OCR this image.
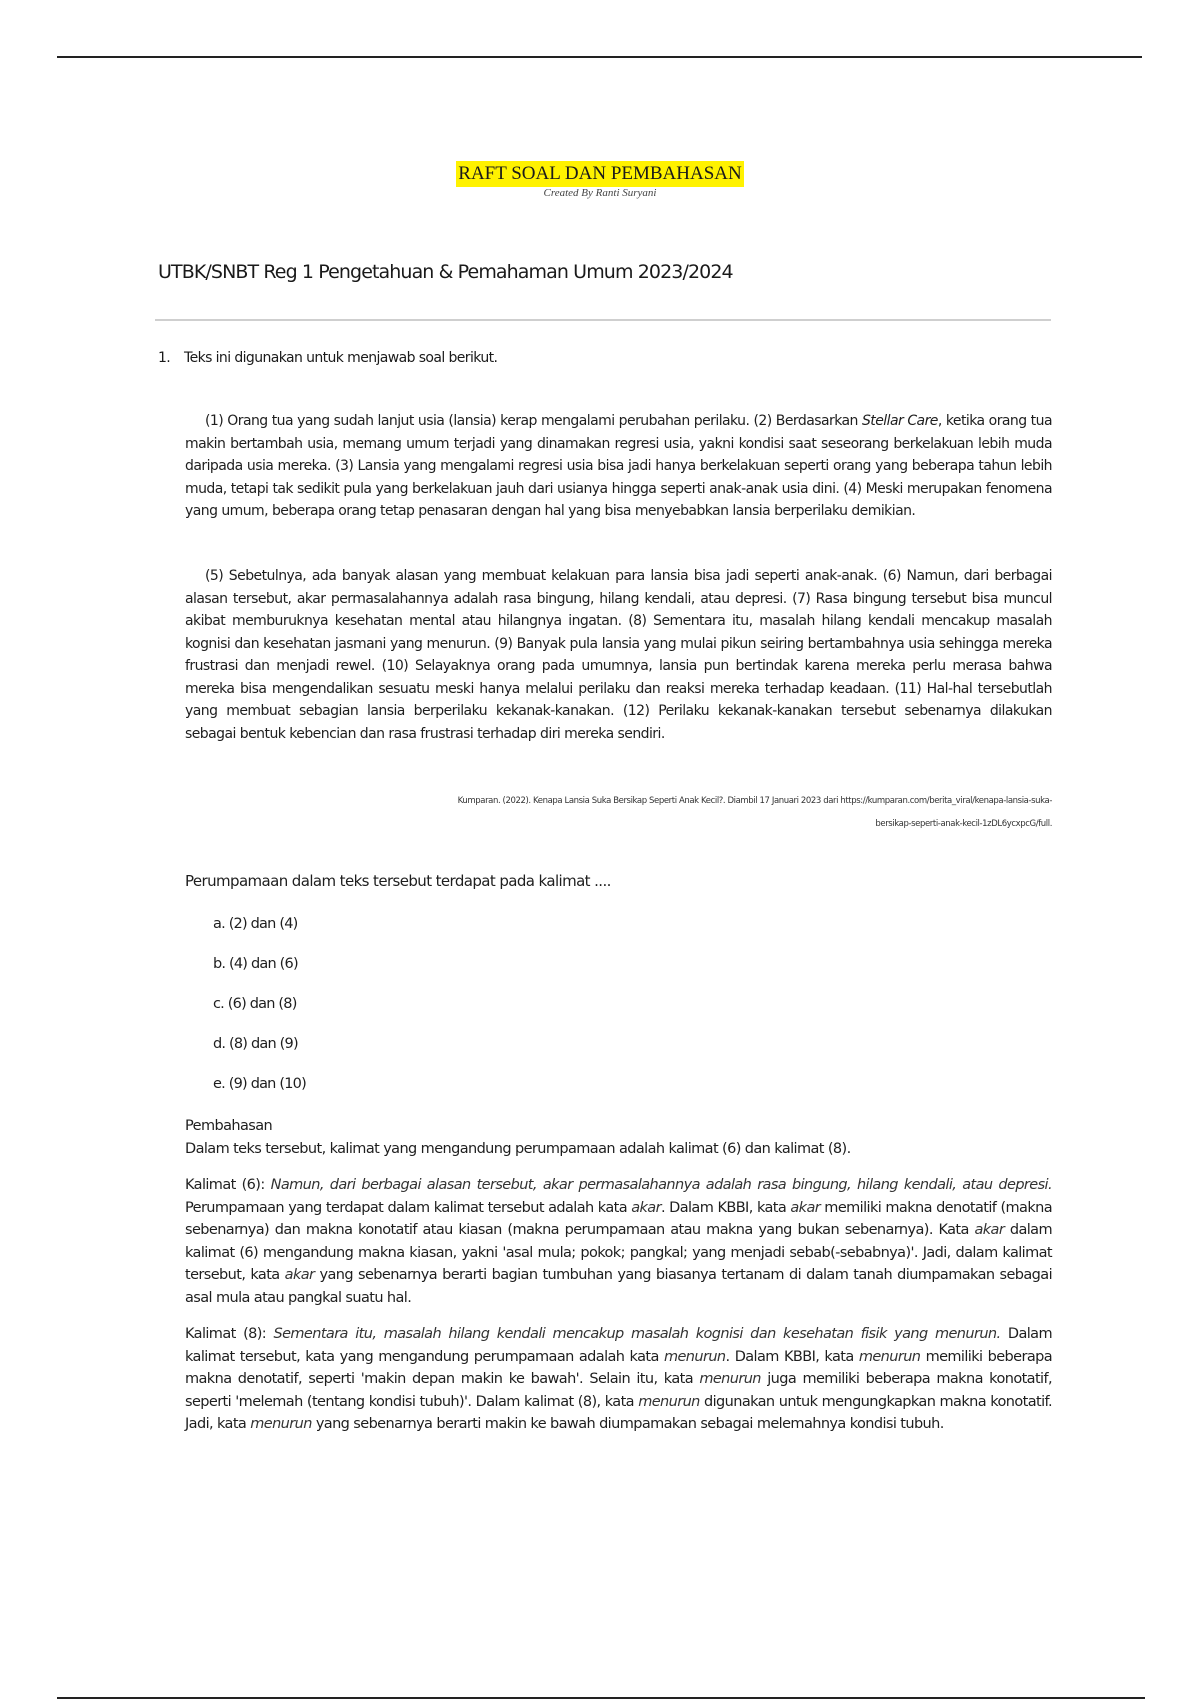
RAFT SOAL DAN PEMBAHASAN
Created By Ranti Suryani
UTBK/SNBT Reg 1 Pengetahuan & Pemahaman Umum 2023/2024
1. Teks ini digunakan untuk menjawab soal berikut.

(1) Orang tua yang sudah lanjut usia (lansia) kerap mengalami perubahan perilaku. (2) Berdasarkan Stellar Care, ketika orang tua makin bertambah usia, memang umum terjadi yang dinamakan regresi usia, yakni kondisi saat seseorang berkelakuan lebih muda daripada usia mereka. (3) Lansia yang mengalami regresi usia bisa jadi hanya berkelakuan seperti orang yang beberapa tahun lebih muda, tetapi tak sedikit pula yang berkelakuan jauh dari usianya hingga seperti anak-anak usia dini. (4) Meski merupakan fenomena yang umum, beberapa orang tetap penasaran dengan hal yang bisa menyebabkan lansia berperilaku demikian.

(5) Sebetulnya, ada banyak alasan yang membuat kelakuan para lansia bisa jadi seperti anak-anak. (6) Namun, dari berbagai alasan tersebut, akar permasalahannya adalah rasa bingung, hilang kendali, atau depresi. (7) Rasa bingung tersebut bisa muncul akibat memburuknya kesehatan mental atau hilangnya ingatan. (8) Sementara itu, masalah hilang kendali mencakup masalah kognisi dan kesehatan jasmani yang menurun. (9) Banyak pula lansia yang mulai pikun seiring bertambahnya usia sehingga mereka frustrasi dan menjadi rewel. (10) Selayaknya orang pada umumnya, lansia pun bertindak karena mereka perlu merasa bahwa mereka bisa mengendalikan sesuatu meski hanya melalui perilaku dan reaksi mereka terhadap keadaan. (11) Hal-hal tersebutlah yang membuat sebagian lansia berperilaku kekanak-kanakan. (12) Perilaku kekanak-kanakan tersebut sebenarnya dilakukan sebagai bentuk kebencian dan rasa frustrasi terhadap diri mereka sendiri.

Kumparan. (2022). Kenapa Lansia Suka Bersikap Seperti Anak Kecil?. Diambil 17 Januari 2023 dari https://kumparan.com/berita_viral/kenapa-lansia-suka-
bersikap-seperti-anak-kecil-1zDL6ycxpcG/full.
Perumpamaan dalam teks tersebut terdapat pada kalimat ....
a. (2) dan (4)
b. (4) dan (6)
c. (6) dan (8)
d. (8) dan (9)
e. (9) dan (10)

Pembahasan

Dalam teks tersebut, kalimat yang mengandung perumpamaan adalah kalimat (6) dan kalimat (8).

Kalimat (6): Namun, dari berbagai alasan tersebut, akar permasalahannya adalah rasa bingung, hilang kendali, atau depresi. Perumpamaan yang terdapat dalam kalimat tersebut adalah kata akar. Dalam KBBI, kata akar memiliki makna denotatif (makna sebenarnya) dan makna konotatif atau kiasan (makna perumpamaan atau makna yang bukan sebenarnya). Kata akar dalam kalimat (6) mengandung makna kiasan, yakni 'asal mula; pokok; pangkal; yang menjadi sebab(-sebabnya)'. Jadi, dalam kalimat tersebut, kata akar yang sebenarnya berarti bagian tumbuhan yang biasanya tertanam di dalam tanah diumpamakan sebagai asal mula atau pangkal suatu hal.

Kalimat (8): Sementara itu, masalah hilang kendali mencakup masalah kognisi dan kesehatan fisik yang menurun. Dalam kalimat tersebut, kata yang mengandung perumpamaan adalah kata menurun. Dalam KBBI, kata menurun memiliki beberapa makna denotatif, seperti 'makin depan makin ke bawah'. Selain itu, kata menurun juga memiliki beberapa makna konotatif, seperti 'melemah (tentang kondisi tubuh)'. Dalam kalimat (8), kata menurun digunakan untuk mengungkapkan makna konotatif. Jadi, kata menurun yang sebenarnya berarti makin ke bawah diumpamakan sebagai melemahnya kondisi tubuh.
